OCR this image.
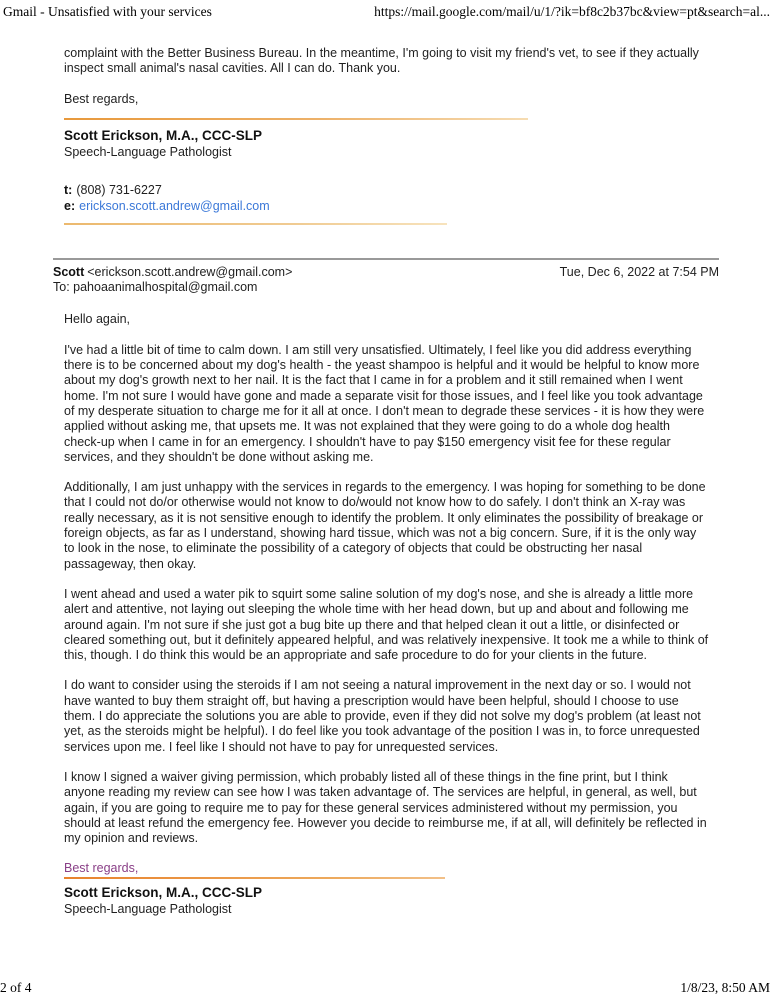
Gmail - Unsatisfied with your services	https://mail.google.com/mail/u/1/?ik=bf8c2b37bc&view=pt&search=al...

complaint with the Better Business Bureau. In the meantime, I'm going to visit my friend's vet, to see if they actually inspect small animal's nasal cavities. All I can do. Thank you.

Best regards,

Scott Erickson, M.A., CCC-SLP
Speech-Language Pathologist
t: (808) 731-6227
e: erickson.scott.andrew@gmail.com
Scott <erickson.scott.andrew@gmail.com>	Tue, Dec 6, 2022 at 7:54 PM
To: pahoaanimalhospital@gmail.com

Hello again,

I've had a little bit of time to calm down. I am still very unsatisfied. Ultimately, I feel like you did address everything there is to be concerned about my dog's health - the yeast shampoo is helpful and it would be helpful to know more about my dog's growth next to her nail. It is the fact that I came in for a problem and it still remained when I went home. I'm not sure I would have gone and made a separate visit for those issues, and I feel like you took advantage of my desperate situation to charge me for it all at once. I don't mean to degrade these services - it is how they were applied without asking me, that upsets me. It was not explained that they were going to do a whole dog health check-up when I came in for an emergency. I shouldn't have to pay $150 emergency visit fee for these regular services, and they shouldn't be done without asking me.

Additionally, I am just unhappy with the services in regards to the emergency. I was hoping for something to be done that I could not do/or otherwise would not know to do/would not know how to do safely. I don't think an X-ray was really necessary, as it is not sensitive enough to identify the problem. It only eliminates the possibility of breakage or foreign objects, as far as I understand, showing hard tissue, which was not a big concern. Sure, if it is the only way to look in the nose, to eliminate the possibility of a category of objects that could be obstructing her nasal passageway, then okay.

I went ahead and used a water pik to squirt some saline solution of my dog's nose, and she is already a little more alert and attentive, not laying out sleeping the whole time with her head down, but up and about and following me around again. I'm not sure if she just got a bug bite up there and that helped clean it out a little, or disinfected or cleared something out, but it definitely appeared helpful, and was relatively inexpensive. It took me a while to think of this, though. I do think this would be an appropriate and safe procedure to do for your clients in the future.

I do want to consider using the steroids if I am not seeing a natural improvement in the next day or so. I would not have wanted to buy them straight off, but having a prescription would have been helpful, should I choose to use them. I do appreciate the solutions you are able to provide, even if they did not solve my dog's problem (at least not yet, as the steroids might be helpful). I do feel like you took advantage of the position I was in, to force unrequested services upon me. I feel like I should not have to pay for unrequested services.

I know I signed a waiver giving permission, which probably listed all of these things in the fine print, but I think anyone reading my review can see how I was taken advantage of. The services are helpful, in general, as well, but again, if you are going to require me to pay for these general services administered without my permission, you should at least refund the emergency fee. However you decide to reimburse me, if at all, will definitely be reflected in my opinion and reviews.

Best regards,
Scott Erickson, M.A., CCC-SLP
Speech-Language Pathologist
2 of 4	1/8/23, 8:50 AM
